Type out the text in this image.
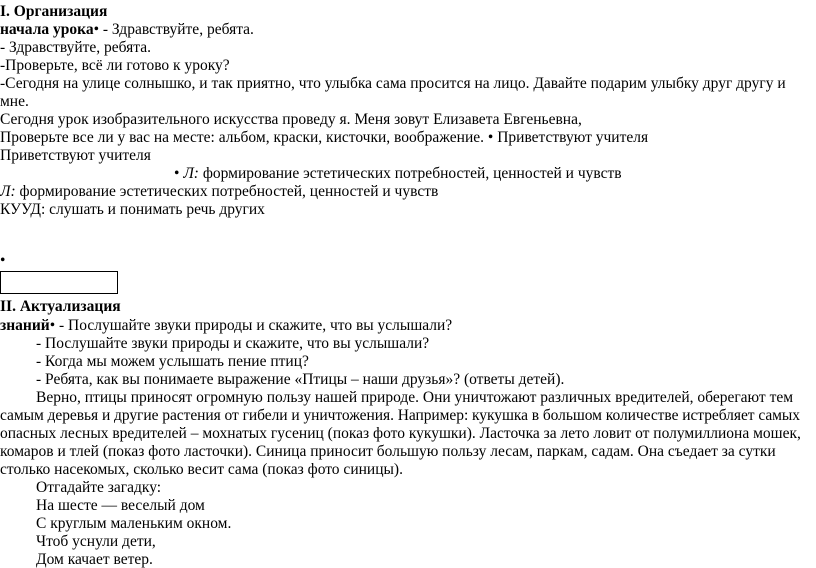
I. Организация
начала урока• - Здравствуйте, ребята.
- Здравствуйте, ребята.
-Проверьте, всё ли готово к уроку?
-Сегодня на улице солнышко, и так приятно, что улыбка сама просится на лицо. Давайте подарим улыбку друг другу и
мне.
Сегодня урок изобразительного искусства проведу я. Меня зовут Елизавета Евгеньевна,
Проверьте все ли у вас на месте: альбом, краски, кисточки, воображение. • Приветствуют учителя
Приветствуют учителя
• Л: формирование эстетических потребностей, ценностей и чувств
Л: формирование эстетических потребностей, ценностей и чувств
КУУД: слушать и понимать речь других
•
II. Актуализация
знаний• - Послушайте звуки природы и скажите, что вы услышали?
- Послушайте звуки природы и скажите, что вы услышали?
- Когда мы можем услышать пение птиц?
- Ребята, как вы понимаете выражение «Птицы – наши друзья»? (ответы детей).
Верно, птицы приносят огромную пользу нашей природе. Они уничтожают различных вредителей, оберегают тем
самым деревья и другие растения от гибели и уничтожения. Например: кукушка в большом количестве истребляет самых
опасных лесных вредителей – мохнатых гусениц (показ фото кукушки). Ласточка за лето ловит от полумиллиона мошек,
комаров и тлей (показ фото ласточки). Синица приносит большую пользу лесам, паркам, садам. Она съедает за сутки
столько насекомых, сколько весит сама (показ фото синицы).
Отгадайте загадку:
На шесте — веселый дом
С круглым маленьким окном.
Чтоб уснули дети,
Дом качает ветер.
